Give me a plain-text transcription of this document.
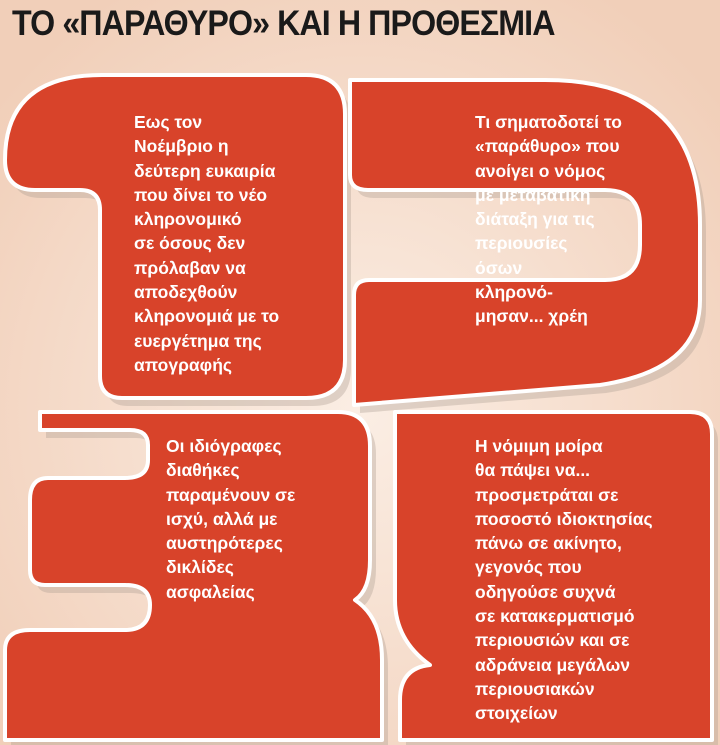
ΤΟ «ΠΑΡΑΘΥΡΟ» ΚΑΙ Η ΠΡΟΘΕΣΜΙΑ
Εως τον
Νοέμβριο η
δεύτερη ευκαιρία
που δίνει το νέο
κληρονομικό
σε όσους δεν
πρόλαβαν να
αποδεχθούν
κληρονομιά με το
ευεργέτημα της
απογραφής
Τι σηματοδοτεί το
«παράθυρο» που
ανοίγει ο νόμος
με μεταβατική
διάταξη για τις
περιουσίες
όσων
κληρονό-
μησαν... χρέη
Οι ιδιόγραφες
διαθήκες
παραμένουν σε
ισχύ, αλλά με
αυστηρότερες
δικλίδες
ασφαλείας
Η νόμιμη μοίρα
θα πάψει να...
προσμετράται σε
ποσοστό ιδιοκτησίας
πάνω σε ακίνητο,
γεγονός που
οδηγούσε συχνά
σε κατακερματισμό
περιουσιών και σε
αδράνεια μεγάλων
περιουσιακών
στοιχείων
